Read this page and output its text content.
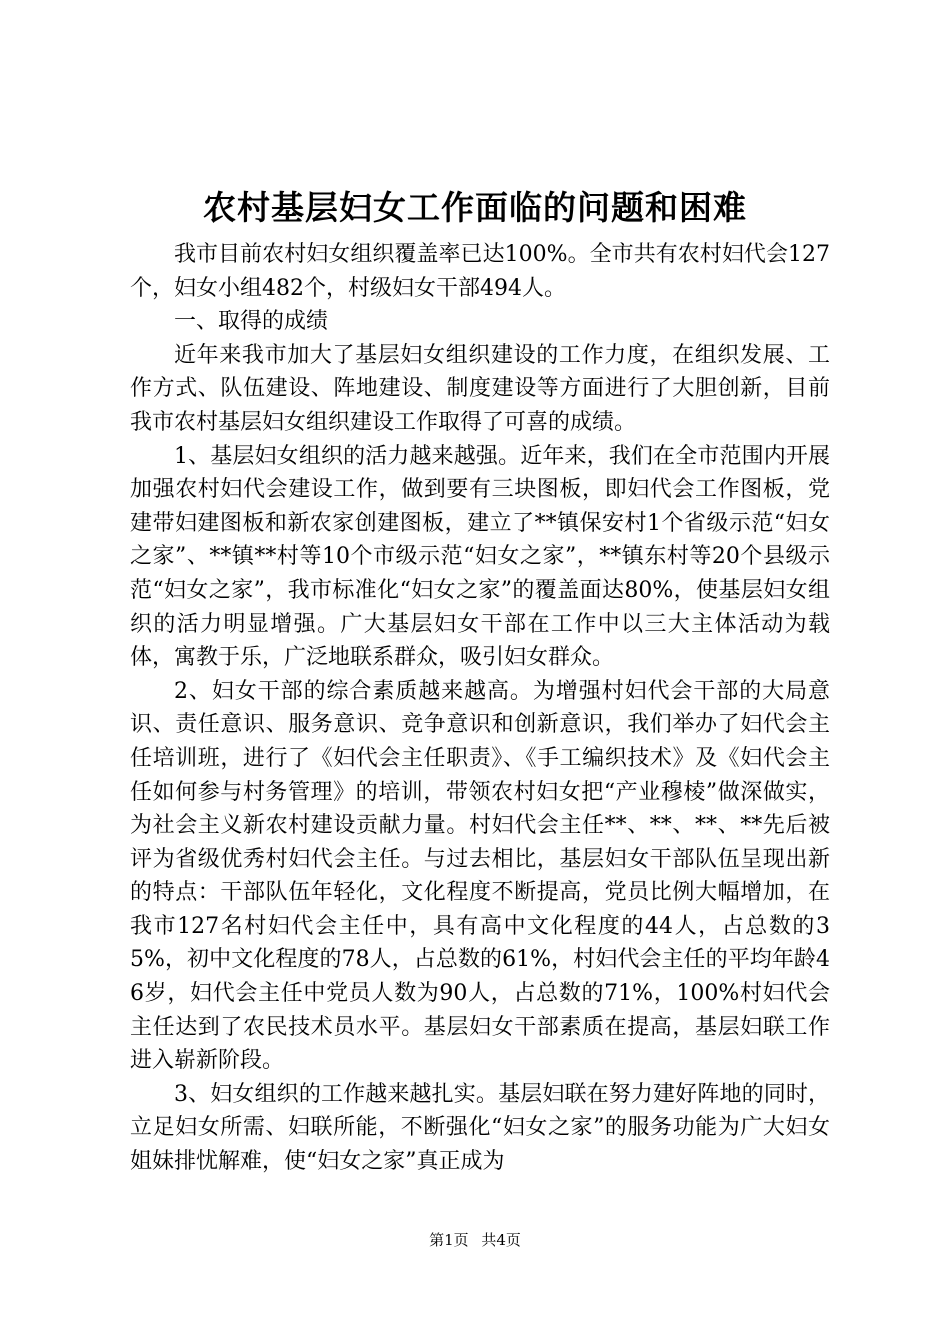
农村基层妇女工作面临的问题和困难

我市目前农村妇女组织覆盖率已达100%。全市共有农村妇代会127个，妇女小组482个，村级妇女干部494人。

一、取得的成绩

近年来我市加大了基层妇女组织建设的工作力度，在组织发展、工作方式、队伍建设、阵地建设、制度建设等方面进行了大胆创新，目前我市农村基层妇女组织建设工作取得了可喜的成绩。

1、基层妇女组织的活力越来越强。近年来，我们在全市范围内开展加强农村妇代会建设工作，做到要有三块图板，即妇代会工作图板，党建带妇建图板和新农家创建图板，建立了**镇保安村1个省级示范“妇女之家”、**镇**村等10个市级示范“妇女之家”，**镇东村等20个县级示范“妇女之家”，我市标准化“妇女之家”的覆盖面达80%，使基层妇女组织的活力明显增强。广大基层妇女干部在工作中以三大主体活动为载体，寓教于乐，广泛地联系群众，吸引妇女群众。

2、妇女干部的综合素质越来越高。为增强村妇代会干部的大局意识、责任意识、服务意识、竞争意识和创新意识，我们举办了妇代会主任培训班，进行了《妇代会主任职责》、《手工编织技术》及《妇代会主任如何参与村务管理》的培训，带领农村妇女把“产业穆棱”做深做实，为社会主义新农村建设贡献力量。村妇代会主任**、**、**、**先后被评为省级优秀村妇代会主任。与过去相比，基层妇女干部队伍呈现出新的特点：干部队伍年轻化，文化程度不断提高，党员比例大幅增加，在我市127名村妇代会主任中，具有高中文化程度的44人，占总数的35%，初中文化程度的78人，占总数的61%，村妇代会主任的平均年龄46岁，妇代会主任中党员人数为90人，占总数的71%，100%村妇代会主任达到了农民技术员水平。基层妇女干部素质在提高，基层妇联工作进入崭新阶段。

3、妇女组织的工作越来越扎实。基层妇联在努力建好阵地的同时，立足妇女所需、妇联所能，不断强化“妇女之家”的服务功能为广大妇女姐妹排忧解难，使“妇女之家”真正成为

第1页 共4页
